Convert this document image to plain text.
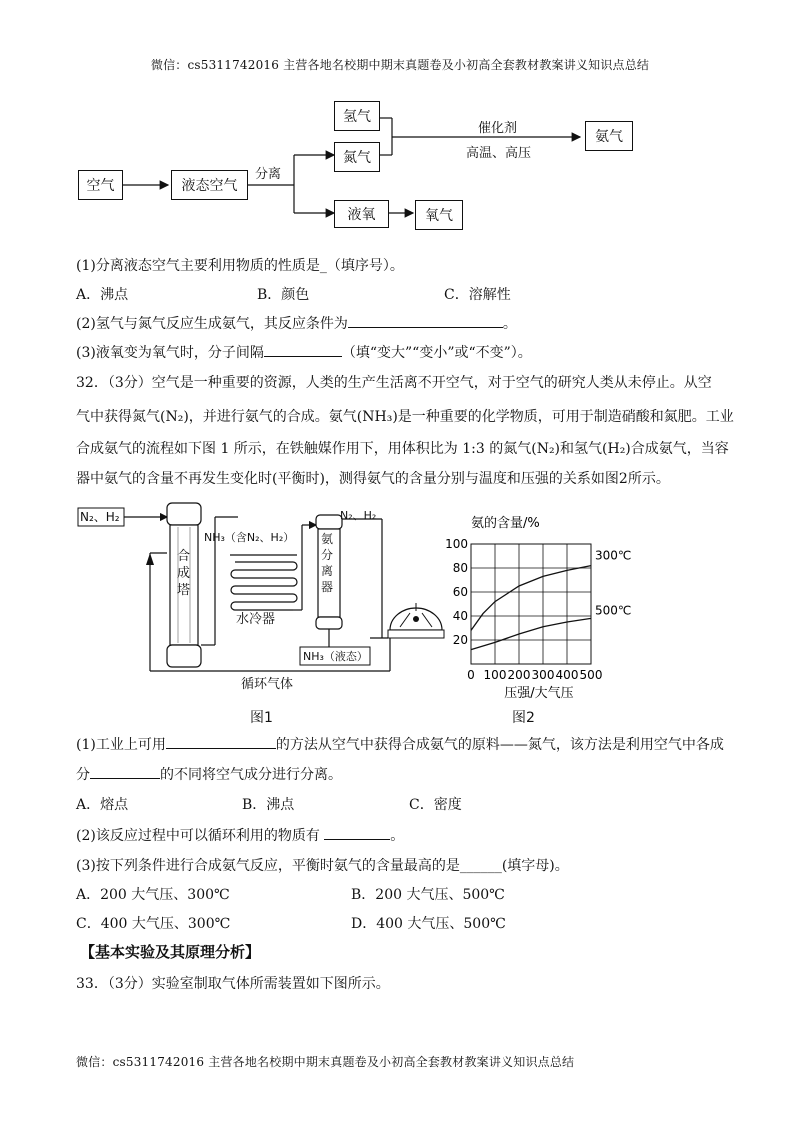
微信：cs5311742016 主营各地名校期中期末真题卷及小初高全套教材教案讲义知识点总结
空气	液态空气
分离
氢气
氮气
液氧	氧气
催化剂
高温、高压
氨气
(1)分离液态空气主要利用物质的性质是_（填序号）。
A．沸点	B．颜色	C．溶解性
(2)氢气与氮气反应生成氨气，其反应条件为	。
(3)液氧变为氧气时，分子间隔	（填“变大”“变小”或“不变”）。
32．（3分）空气是一种重要的资源，人类的生产生活离不开空气，对于空气的研究人类从未停止。从空
气中获得氮气(N₂)，并进行氨气的合成。氨气(NH₃)是一种重要的化学物质，可用于制造硝酸和氮肥。工业
合成氨气的流程如下图 1 所示，在铁触媒作用下，用体积比为 1:3 的氮气(N₂)和氢气(H₂)合成氨气，当容
器中氨气的含量不再发生变化时(平衡时)，测得氨气的含量分别与温度和压强的关系如图2所示。
N₂、H₂
合
成
塔
NH₃（含N₂、H₂）
N₂、H₂
氨
分
离
器
水冷器
NH₃（液态）
循环气体
图1
氨的含量/%
0 100 200 300 400 500
20
40
60
80
100
300℃
500℃
压强/大气压
图2
(1)工业上可用	的方法从空气中获得合成氨气的原料——氮气，该方法是利用空气中各成
分	的不同将空气成分进行分离。
A．熔点	B．沸点	C．密度
(2)该反应过程中可以循环利用的物质有	。
(3)按下列条件进行合成氨气反应，平衡时氨气的含量最高的是______(填字母)。
A．200 大气压、300℃	B．200 大气压、500℃
C．400 大气压、300℃	D．400 大气压、500℃
【基本实验及其原理分析】
33．（3分）实验室制取气体所需装置如下图所示。
微信：cs5311742016 主营各地名校期中期末真题卷及小初高全套教材教案讲义知识点总结
